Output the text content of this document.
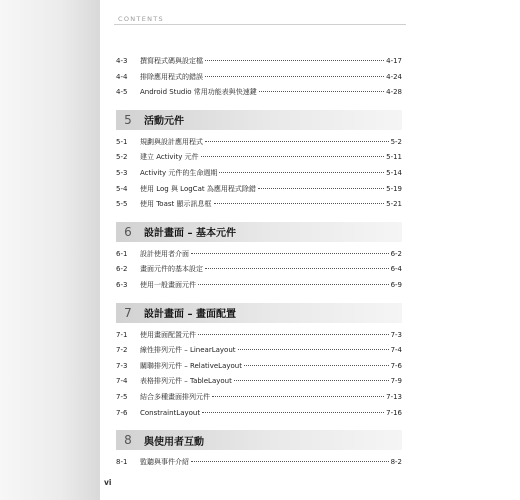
CONTENTS
4-3	撰寫程式碼與設定檔	4-17
4-4	排除應用程式的錯誤	4-24
4-5	Android Studio 常用功能表與快速鍵	4-28
5	活動元件
5-1	規劃與設計應用程式	5-2
5-2	建立 Activity 元件	5-11
5-3	Activity 元件的生命週期	5-14
5-4	使用 Log 與 LogCat 為應用程式除錯	5-19
5-5	使用 Toast 顯示訊息框	5-21
6	設計畫面 – 基本元件
6-1	設計使用者介面	6-2
6-2	畫面元件的基本設定	6-4
6-3	使用一般畫面元件	6-9
7	設計畫面 – 畫面配置
7-1	使用畫面配置元件	7-3
7-2	線性排列元件 – LinearLayout	7-4
7-3	關聯排列元件 – RelativeLayout	7-6
7-4	表格排列元件 – TableLayout	7-9
7-5	結合多種畫面排列元件	7-13
7-6	ConstraintLayout	7-16
8	與使用者互動
8-1	監聽與事件介紹	8-2
vi
